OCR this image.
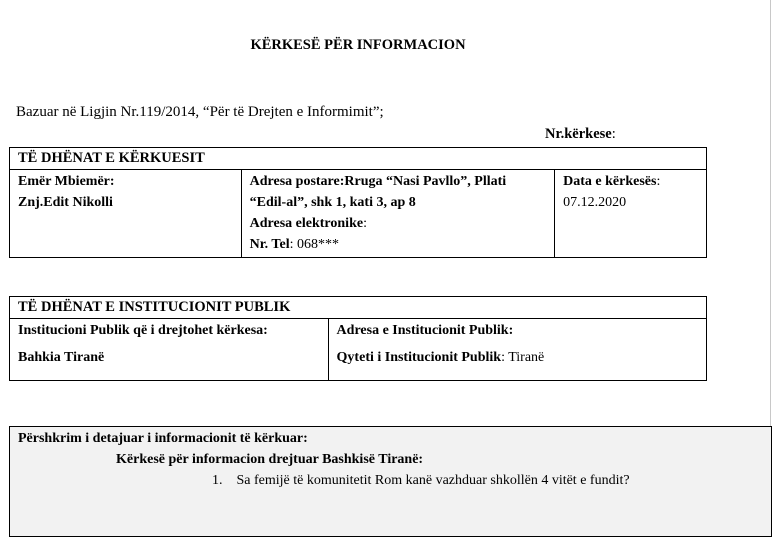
KËRKESË PËR INFORMACION
Bazuar në Ligjin Nr.119/2014, “Për të Drejten e Informimit”;
Nr.kërkese:
TË DHËNAT E KËRKUESIT

Emër Mbiemër:
Znj.Edit Nikolli

Adresa postare:Rruga “Nasi Pavllo”, Pllati
“Edil-al”, shk 1, kati 3, ap 8
Adresa elektronike:
Nr. Tel: 068***

Data e kërkesës:
07.12.2020
TË DHËNAT E INSTITUCIONIT PUBLIK

Institucioni Publik që i drejtohet kërkesa:
Bahkia Tiranë

Adresa e Institucionit Publik:
Qyteti i Institucionit Publik: Tiranë
Përshkrim i detajuar i informacionit të kërkuar:
Kërkesë për informacion drejtuar Bashkisë Tiranë:
1. Sa femijë të komunitetit Rom kanë vazhduar shkollën 4 vitët e fundit?
